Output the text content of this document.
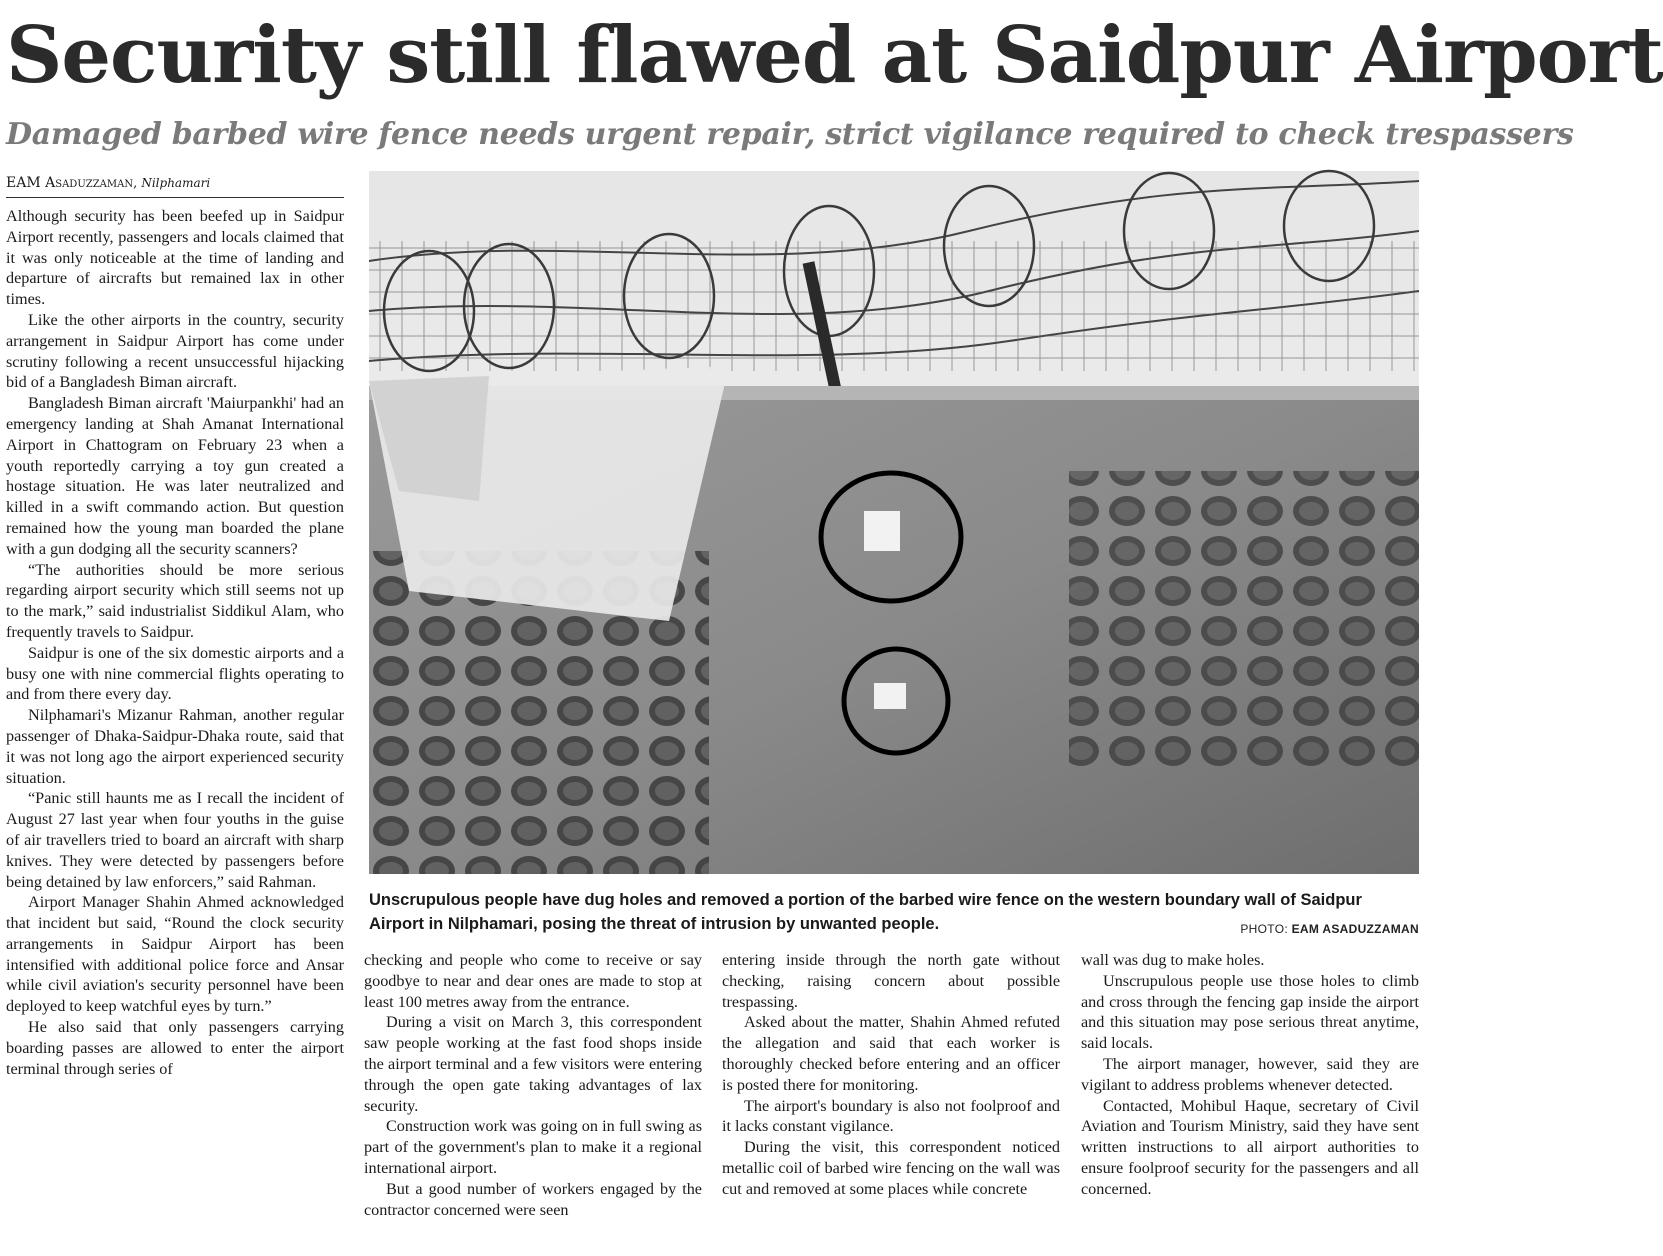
Security still flawed at Saidpur Airport
Damaged barbed wire fence needs urgent repair, strict vigilance required to check trespassers
EAM Asaduzzaman, Nilphamari

Although security has been beefed up in Saidpur Airport recently, passengers and locals claimed that it was only noticeable at the time of landing and departure of aircrafts but remained lax in other times.

Like the other airports in the country, security arrangement in Saidpur Airport has come under scrutiny following a recent unsuccessful hijacking bid of a Bangladesh Biman aircraft.

Bangladesh Biman aircraft 'Maiurpankhi' had an emergency landing at Shah Amanat International Airport in Chattogram on February 23 when a youth reportedly carrying a toy gun created a hostage situation. He was later neutralized and killed in a swift commando action. But question remained how the young man boarded the plane with a gun dodging all the security scanners?

“The authorities should be more serious regarding airport security which still seems not up to the mark,” said industrialist Siddikul Alam, who frequently travels to Saidpur.

Saidpur is one of the six domestic airports and a busy one with nine commercial flights operating to and from there every day.

Nilphamari's Mizanur Rahman, another regular passenger of Dhaka-Saidpur-Dhaka route, said that it was not long ago the airport experienced security situation.

“Panic still haunts me as I recall the incident of August 27 last year when four youths in the guise of air travellers tried to board an aircraft with sharp knives. They were detected by passengers before being detained by law enforcers,” said Rahman.

Airport Manager Shahin Ahmed acknowledged that incident but said, “Round the clock security arrangements in Saidpur Airport has been intensified with additional police force and Ansar while civil aviation's security personnel have been deployed to keep watchful eyes by turn.”

He also said that only passengers carrying boarding passes are allowed to enter the airport terminal through series of

Unscrupulous people have dug holes and removed a portion of the barbed wire fence on the western boundary wall of Saidpur Airport in Nilphamari, posing the threat of intrusion by unwanted people.	PHOTO: EAM ASADUZZAMAN

checking and people who come to receive or say goodbye to near and dear ones are made to stop at least 100 metres away from the entrance.

During a visit on March 3, this correspondent saw people working at the fast food shops inside the airport terminal and a few visitors were entering through the open gate taking advantages of lax security.

Construction work was going on in full swing as part of the government's plan to make it a regional international airport.

But a good number of workers engaged by the contractor concerned were seen

entering inside through the north gate without checking, raising concern about possible trespassing.

Asked about the matter, Shahin Ahmed refuted the allegation and said that each worker is thoroughly checked before entering and an officer is posted there for monitoring.

The airport's boundary is also not foolproof and it lacks constant vigilance.

During the visit, this correspondent noticed metallic coil of barbed wire fencing on the wall was cut and removed at some places while concrete

wall was dug to make holes.

Unscrupulous people use those holes to climb and cross through the fencing gap inside the airport and this situation may pose serious threat anytime, said locals.

The airport manager, however, said they are vigilant to address problems whenever detected.

Contacted, Mohibul Haque, secretary of Civil Aviation and Tourism Ministry, said they have sent written instructions to all airport authorities to ensure foolproof security for the passengers and all concerned.
